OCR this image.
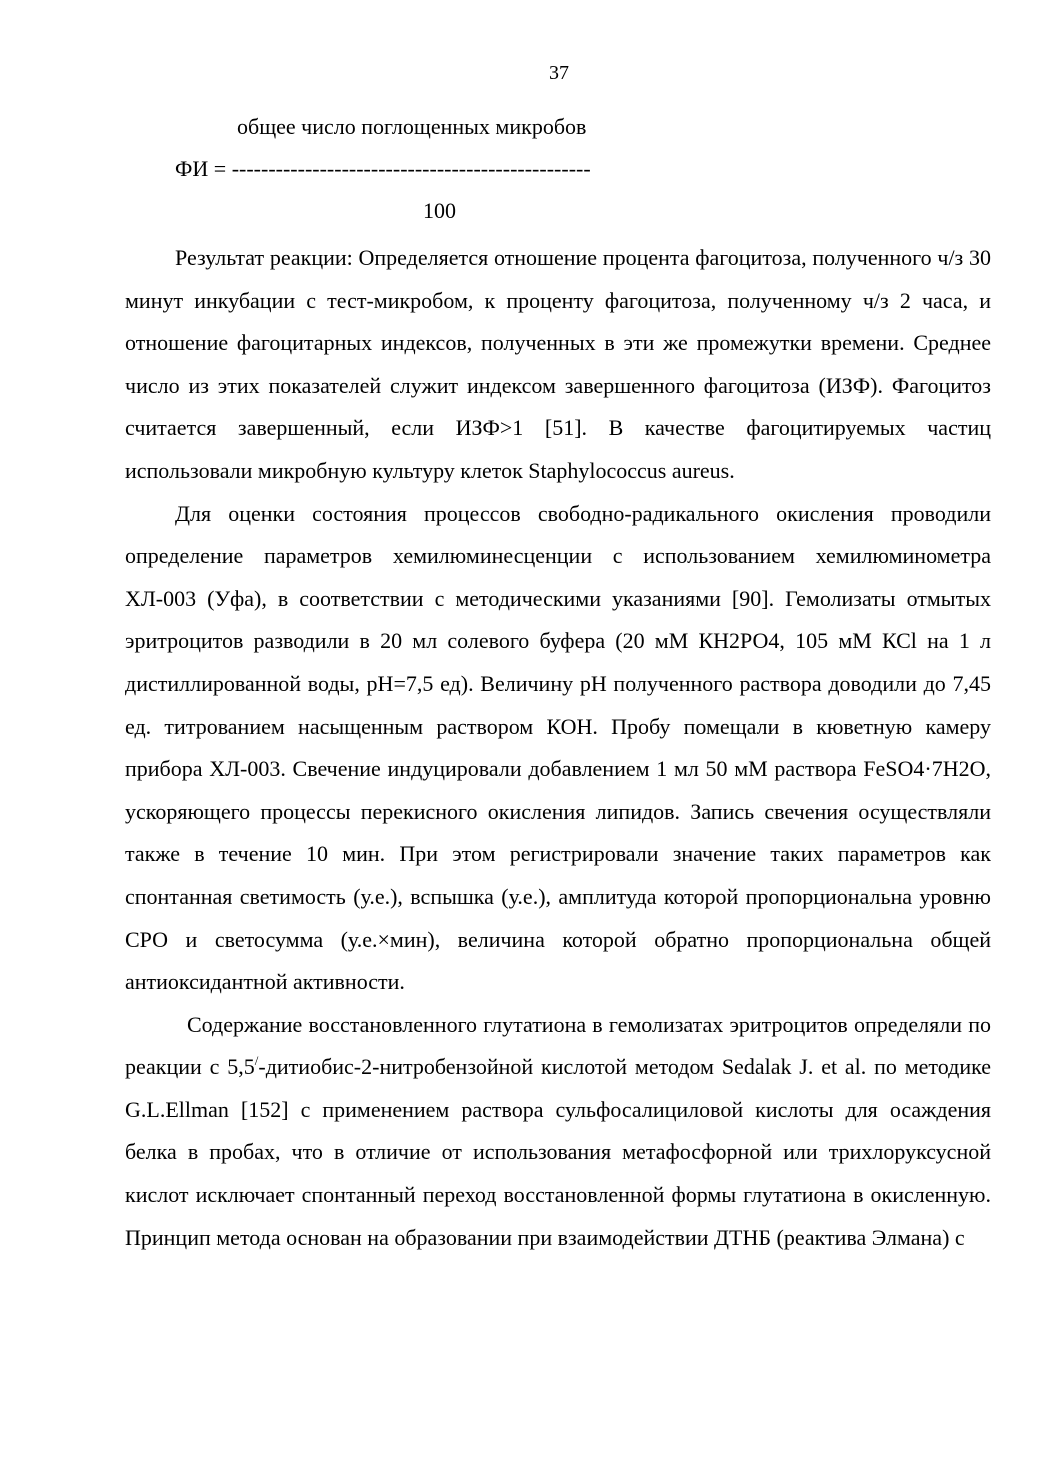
37
общее число поглощенных микробов
ФИ = -------------------------------------------------
100

Результат реакции: Определяется отношение процента фагоцитоза, полученного ч/з 30 минут инкубации с тест-микробом, к проценту фагоцитоза, полученному ч/з 2 часа, и отношение фагоцитарных индексов, полученных в эти же промежутки времени. Среднее число из этих показателей служит индексом завершенного фагоцитоза (ИЗФ). Фагоцитоз считается завершенный, если ИЗФ>1 [51]. В качестве фагоцитируемых частиц использовали микробную культуру клеток Staphylococcus aureus.

Для оценки состояния процессов свободно-радикального окисления проводили определение параметров хемилюминесценции с использованием хемилюминометра ХЛ-003 (Уфа), в соответствии с методическими указаниями [90]. Гемолизаты отмытых эритроцитов разводили в 20 мл солевого буфера (20 мМ КН2РО4, 105 мМ КСl на 1 л дистиллированной воды, рН=7,5 ед). Величину рН полученного раствора доводили до 7,45 ед. титрованием насыщенным раствором КОН. Пробу помещали в кюветную камеру прибора ХЛ-003. Свечение индуцировали добавлением 1 мл 50 мМ раствора FeSO4·7H2O, ускоряющего процессы перекисного окисления липидов. Запись свечения осуществляли также в течение 10 мин. При этом регистрировали значение таких параметров как спонтанная светимость (у.е.), вспышка (у.е.), амплитуда которой пропорциональна уровню СРО и светосумма (у.е.×мин), величина которой обратно пропорциональна общей антиоксидантной активности.

Содержание восстановленного глутатиона в гемолизатах эритроцитов определяли по реакции с 5,5/-дитиобис-2-нитробензойной кислотой методом Sedalak J. et al. по методике G.L.Ellman [152] с применением раствора сульфосалициловой кислоты для осаждения белка в пробах, что в отличие от использования метафосфорной или трихлоруксусной кислот исключает спонтанный переход восстановленной формы глутатиона в окисленную. Принцип метода основан на образовании при взаимодействии ДТНБ (реактива Элмана) с
